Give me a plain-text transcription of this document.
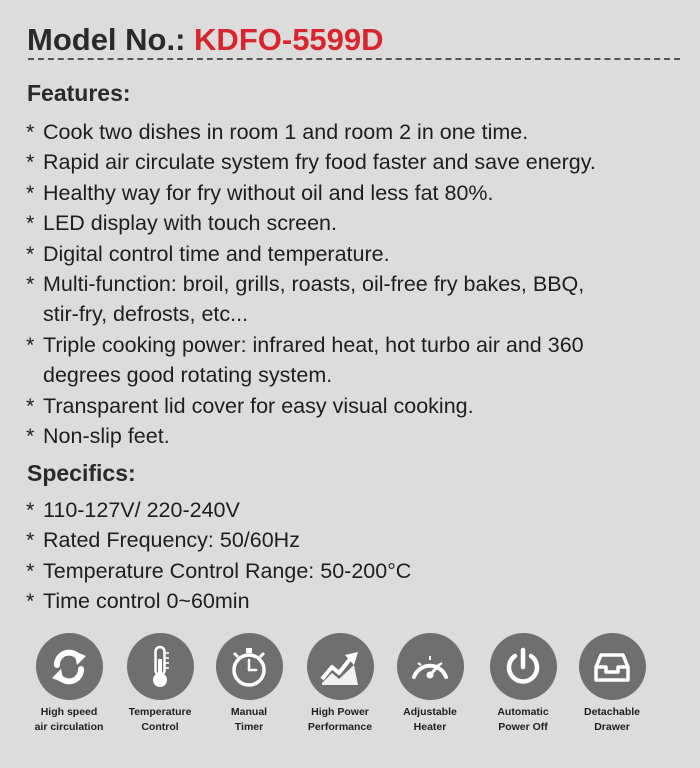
Model No.: KDFO-5599D
Features:
* Cook two dishes in room 1 and room 2 in one time.
* Rapid air circulate system fry food faster and save energy.
* Healthy way for fry without oil and less fat 80%.
* LED display with touch screen.
* Digital control time and temperature.
* Multi-function: broil, grills, roasts, oil-free fry bakes, BBQ,
stir-fry, defrosts, etc...
* Triple cooking power: infrared heat, hot turbo air and 360
degrees good rotating system.
* Transparent lid cover for easy visual cooking.
* Non-slip feet.
Specifics:
* 110-127V/ 220-240V
* Rated Frequency: 50/60Hz
* Temperature Control Range: 50-200°C
* Time control 0~60min
High speed
air circulation
Temperature
Control
Manual
Timer
High Power
Performance
Adjustable
Heater
Automatic
Power Off
Detachable
Drawer
